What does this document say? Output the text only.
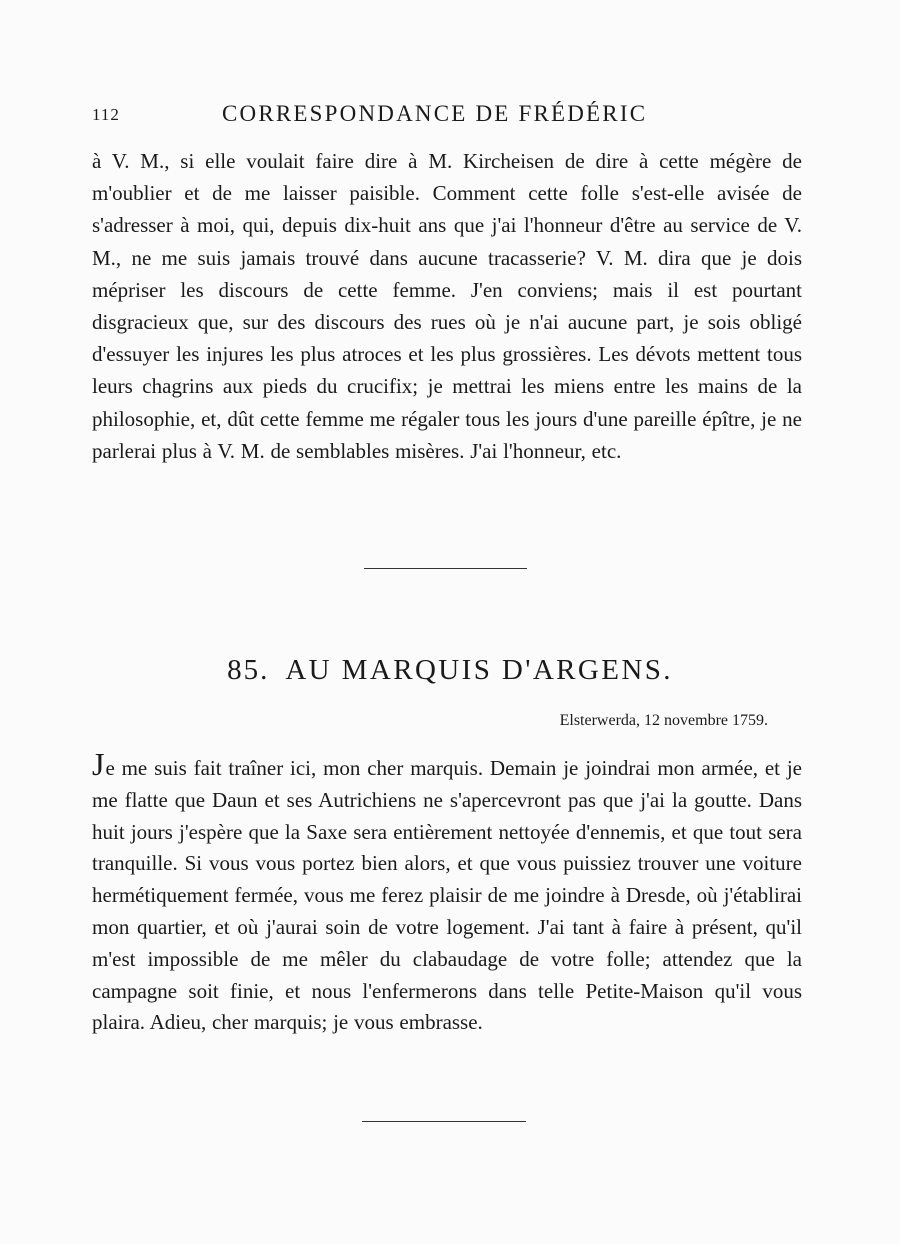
112	CORRESPONDANCE DE FRÉDÉRIC

à V. M., si elle voulait faire dire à M. Kircheisen de dire à cette mégère de m'oublier et de me laisser paisible. Comment cette folle s'est-elle avisée de s'adresser à moi, qui, depuis dix-huit ans que j'ai l'honneur d'être au service de V. M., ne me suis jamais trouvé dans aucune tracasserie? V. M. dira que je dois mépriser les discours de cette femme. J'en conviens; mais il est pourtant disgracieux que, sur des discours des rues où je n'ai aucune part, je sois obligé d'essuyer les injures les plus atroces et les plus grossières. Les dévots mettent tous leurs chagrins aux pieds du crucifix; je mettrai les miens entre les mains de la philosophie, et, dût cette femme me régaler tous les jours d'une pareille épître, je ne parlerai plus à V. M. de semblables misères. J'ai l'honneur, etc.

85. AU MARQUIS D'ARGENS.
Elsterwerda, 12 novembre 1759.

Je me suis fait traîner ici, mon cher marquis. Demain je joindrai mon armée, et je me flatte que Daun et ses Autrichiens ne s'apercevront pas que j'ai la goutte. Dans huit jours j'espère que la Saxe sera entièrement nettoyée d'ennemis, et que tout sera tranquille. Si vous vous portez bien alors, et que vous puissiez trouver une voiture hermétiquement fermée, vous me ferez plaisir de me joindre à Dresde, où j'établirai mon quartier, et où j'aurai soin de votre logement. J'ai tant à faire à présent, qu'il m'est impossible de me mêler du clabaudage de votre folle; attendez que la campagne soit finie, et nous l'enfermerons dans telle Petite-Maison qu'il vous plaira. Adieu, cher marquis; je vous embrasse.
